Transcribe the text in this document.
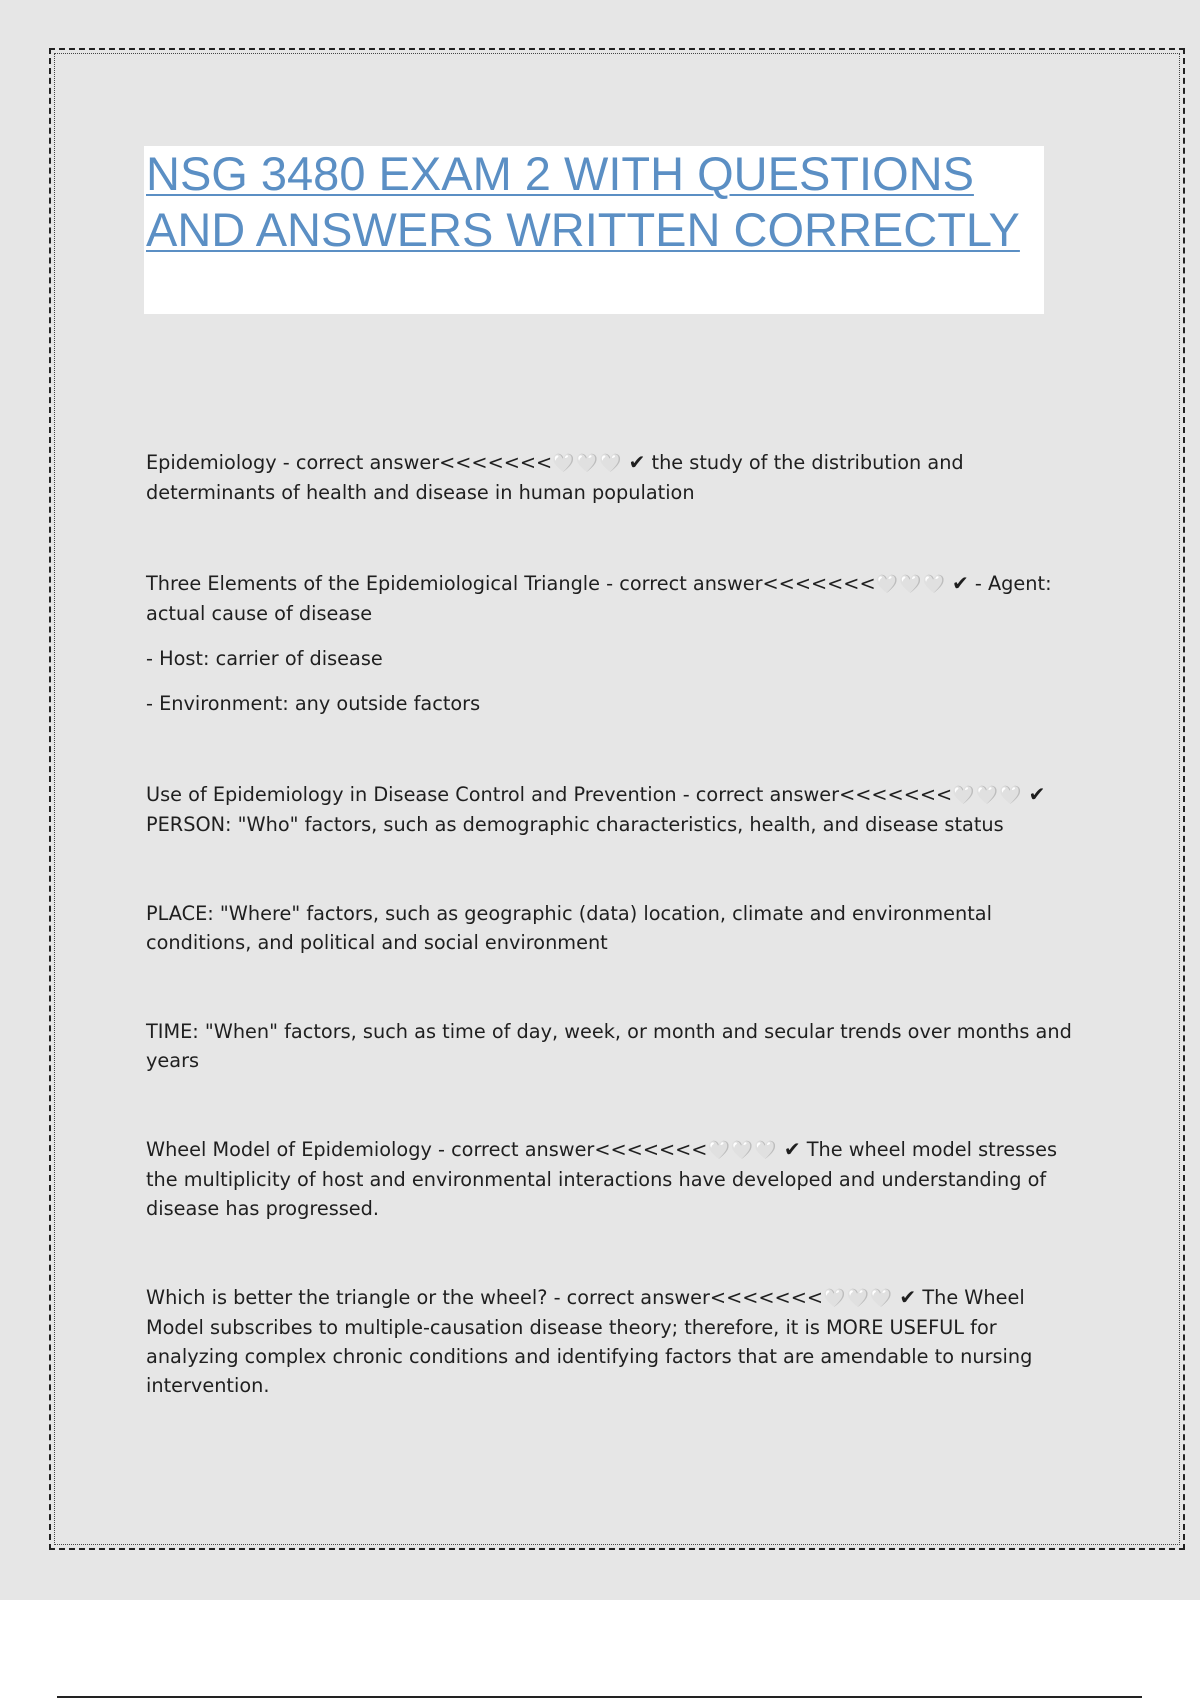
NSG 3480 EXAM 2 WITH QUESTIONS AND ANSWERS WRITTEN CORRECTLY

Epidemiology - correct answer<<<<<<<🤍🤍🤍 ✔ the study of the distribution and determinants of health and disease in human population

Three Elements of the Epidemiological Triangle - correct answer<<<<<<<🤍🤍🤍 ✔ - Agent: actual cause of disease

- Host: carrier of disease

- Environment: any outside factors

Use of Epidemiology in Disease Control and Prevention - correct answer<<<<<<<🤍🤍🤍 ✔ PERSON: "Who" factors, such as demographic characteristics, health, and disease status

PLACE: "Where" factors, such as geographic (data) location, climate and environmental conditions, and political and social environment

TIME: "When" factors, such as time of day, week, or month and secular trends over months and years

Wheel Model of Epidemiology - correct answer<<<<<<<🤍🤍🤍 ✔ The wheel model stresses the multiplicity of host and environmental interactions have developed and understanding of disease has progressed.

Which is better the triangle or the wheel? - correct answer<<<<<<<🤍🤍🤍 ✔ The Wheel Model subscribes to multiple-causation disease theory; therefore, it is MORE USEFUL for analyzing complex chronic conditions and identifying factors that are amendable to nursing intervention.
